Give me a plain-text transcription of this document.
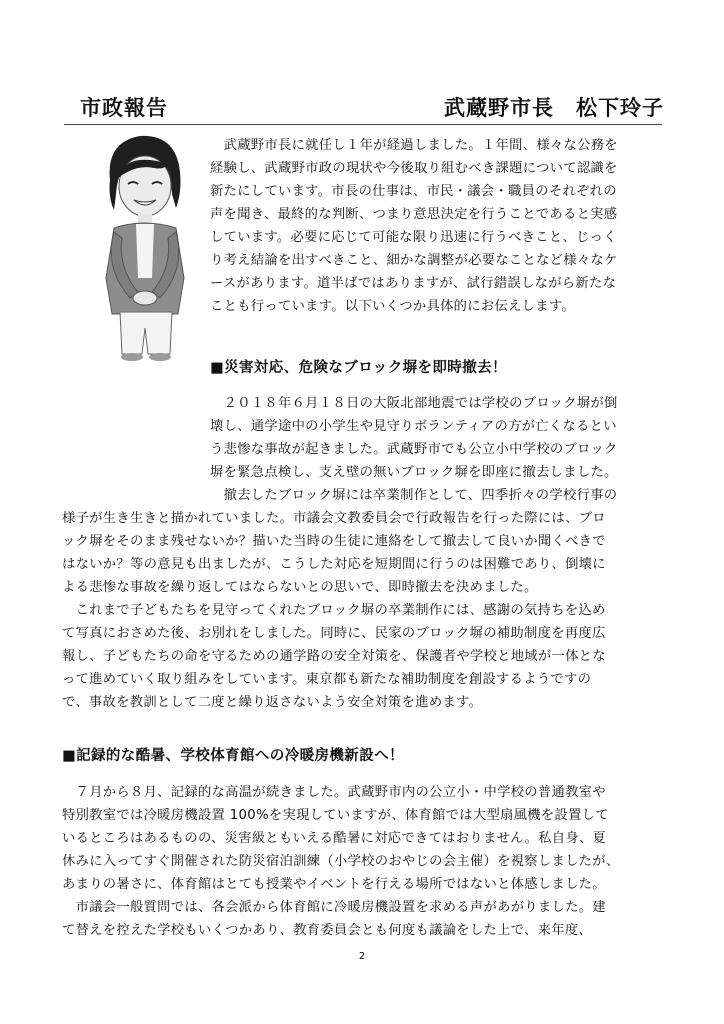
市政報告	武蔵野市長　松下玲子
　武蔵野市長に就任し１年が経過しました。１年間、様々な公務を
経験し、武蔵野市政の現状や今後取り組むべき課題について認識を
新たにしています。市長の仕事は、市民・議会・職員のそれぞれの
声を聞き、最終的な判断、つまり意思決定を行うことであると実感
しています。必要に応じて可能な限り迅速に行うべきこと、じっく
り考え結論を出すべきこと、細かな調整が必要なことなど様々なケ
ースがあります。道半ばではありますが、試行錯誤しながら新たな
ことも行っています。以下いくつか具体的にお伝えします。
■災害対応、危険なブロック塀を即時撤去！
　２０１８年６月１８日の大阪北部地震では学校のブロック塀が倒
壊し、通学途中の小学生や見守りボランティアの方が亡くなるとい
う悲惨な事故が起きました。武蔵野市でも公立小中学校のブロック
塀を緊急点検し、支え壁の無いブロック塀を即座に撤去しました。
　撤去したブロック塀には卒業制作として、四季折々の学校行事の
様子が生き生きと描かれていました。市議会文教委員会で行政報告を行った際には、ブロ
ック塀をそのまま残せないか？描いた当時の生徒に連絡をして撤去して良いか聞くべきで
はないか？等の意見も出ましたが、こうした対応を短期間に行うのは困難であり、倒壊に
よる悲惨な事故を繰り返してはならないとの思いで、即時撤去を決めました。
　これまで子どもたちを見守ってくれたブロック塀の卒業制作には、感謝の気持ちを込め
て写真におさめた後、お別れをしました。同時に、民家のブロック塀の補助制度を再度広
報し、子どもたちの命を守るための通学路の安全対策を、保護者や学校と地域が一体とな
って進めていく取り組みをしています。東京都も新たな補助制度を創設するようですの
で、事故を教訓として二度と繰り返さないよう安全対策を進めます。
■記録的な酷暑、学校体育館への冷暖房機新設へ！
　７月から８月、記録的な高温が続きました。武蔵野市内の公立小・中学校の普通教室や
特別教室では冷暖房機設置 100%を実現していますが、体育館では大型扇風機を設置して
いるところはあるものの、災害級ともいえる酷暑に対応できてはおりません。私自身、夏
休みに入ってすぐ開催された防災宿泊訓練（小学校のおやじの会主催）を視察しましたが、
あまりの暑さに、体育館はとても授業やイベントを行える場所ではないと体感しました。
　市議会一般質問では、各会派から体育館に冷暖房機設置を求める声があがりました。建
て替えを控えた学校もいくつかあり、教育委員会とも何度も議論をした上で、来年度、
2
